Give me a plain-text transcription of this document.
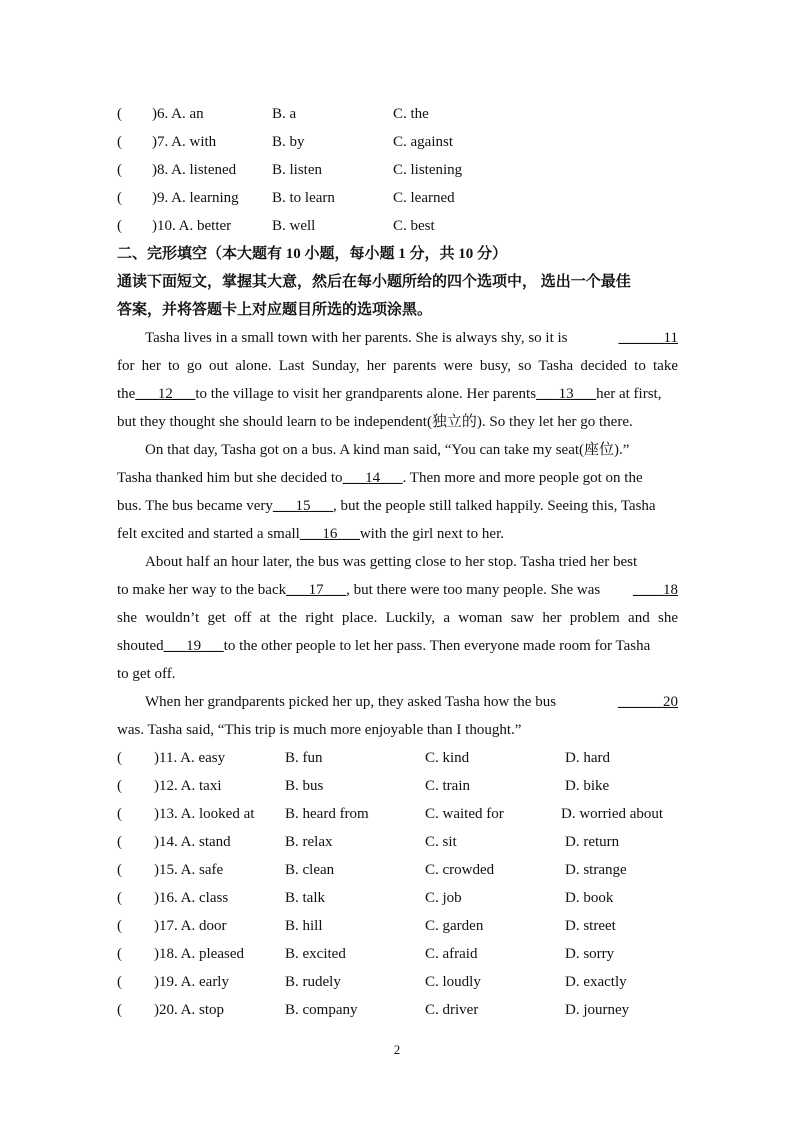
(　　)6. A. an	B. a	C. the
(　　)7. A. with	B. by	C. against
(　　)8. A. listened B. listen	C. listening
(　　)9. A. learning B. to learn	C. learned
(　　)10. A. better	B. well	C. best
二、完形填空（本大题有 10 小题，每小题 1 分，共 10 分）
通读下面短文，掌握其大意，然后在每小题所给的四个选项中， 选出一个最佳
答案，并将答题卡上对应题目所选的选项涂黑。
Tasha lives in a small town with her parents. She is always shy, so it is	______11
for her to go out alone. Last Sunday, her parents were busy, so Tasha decided to take
the___12___to the village to visit her grandparents alone. Her parents___13___her at first,
but they thought she should learn to be independent(独立的). So they let her go there.
On that day, Tasha got on a bus. A kind man said, “You can take my seat(座位).”
Tasha thanked him but she decided to___14___. Then more and more people got on the
bus. The bus became very___15___, but the people still talked happily. Seeing this, Tasha
felt excited and started a small___16___with the girl next to her.
About half an hour later, the bus was getting close to her stop. Tasha tried her best
to make her way to the back___17___, but there were too many people. She was ____18
she wouldn’t get off at the right place. Luckily, a woman saw her problem and she
shouted___19___to the other people to let her pass. Then everyone made room for Tasha
to get off.
When her grandparents picked her up, they asked Tasha how the bus	______20
was. Tasha said, “This trip is much more enjoyable than I thought.”
( )11. A. easy	B. fun	C. kind	D. hard
( )12. A. taxi	B. bus	C. train	D. bike
( )13. A. looked at B. heard from	C. waited for	D. worried about
( )14. A. stand	B. relax	C. sit	D. return
( )15. A. safe	B. clean	C. crowded	D. strange
( )16. A. class	B. talk	C. job	D. book
( )17. A. door	B. hill	C. garden	D. street
( )18. A. pleased	B. excited	C. afraid	D. sorry
( )19. A. early	B. rudely	C. loudly	D. exactly
( )20. A. stop	B. company	C. driver	D. journey
2
